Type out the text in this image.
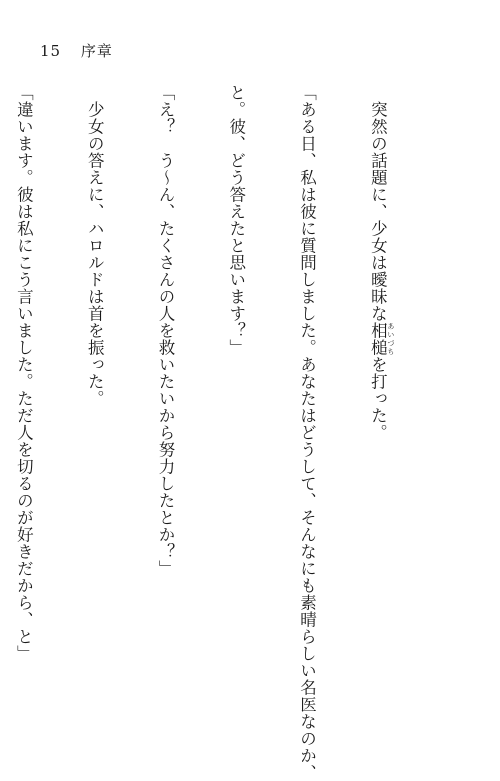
15 序章

　突然の話題に、少女は曖昧な相槌 あいづちを打った。

「ある日、私は彼に質問しました。あなたはどうして、そんなにも素晴らしい名医なのか、

と。彼、どう答えたと思います？」

「え？　う～ん、たくさんの人を救いたいから努力したとか？」

　少女の答えに、ハロルドは首を振った。

「違います。彼は私にこう言いました。ただ人を切るのが好きだから、と」
